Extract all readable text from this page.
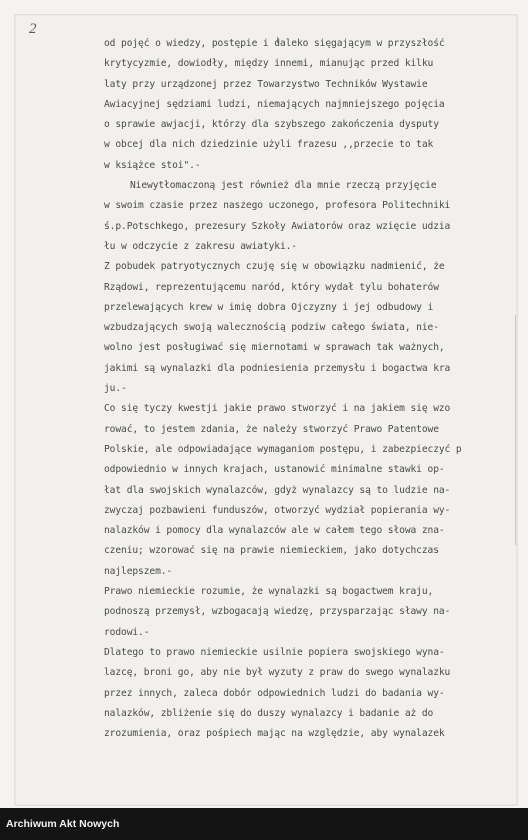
2
od pojęć o wiedzy, postępie i daleko sięgającym w przyszłość
krytycyzmie, dowiodły, między innemi, mianując przed kilku
laty przy urządzonej przez Towarzystwo Techników Wystawie
Awiacyjnej sędziami ludzi, niemających najmniejszego pojęcia
o sprawie awjacji, którzy dla szybszego zakończenia dysputy
w obcej dla nich dziedzinie użyli frazesu ,,przecie to tak
w książce stoi".-
Niewytłomaczoną jest również dla mnie rzeczą przyjęcie
w swoim czasie przez naszego uczonego, profesora Politechniki
ś.p.Potschkego, prezesury Szkoły Awiatorów oraz wzięcie udzia
łu w odczycie z zakresu awiatyki.-
Z pobudek patryotycznych czuję się w obowiązku nadmienić, że
Rządowi, reprezentującemu naród, który wydał tylu bohaterów
przelewających krew w imię dobra Ojczyzny i jej odbudowy i
wzbudzających swoją walecznością podziw całego świata, nie-
wolno jest posługiwać się miernotami w sprawach tak ważnych,
jakimi są wynalazki dla podniesienia przemysłu i bogactwa kra
ju.-
Co się tyczy kwestji jakie prawo stworzyć i na jakiem się wzo
rować, to jestem zdania, że należy stworzyć Prawo Patentowe
Polskie, ale odpowiadające wymaganiom postępu, i zabezpieczyć p
odpowiednio w innych krajach, ustanowić minimalne stawki op-
łat dla swojskich wynalazców, gdyż wynalazcy są to ludzie na-
zwyczaj pozbawieni funduszów, otworzyć wydział popierania wy-
nalazków i pomocy dla wynalazców ale w całem tego słowa zna-
czeniu; wzorować się na prawie niemieckiem, jako dotychczas
najlepszem.-
Prawo niemieckie rozumie, że wynalazki są bogactwem kraju,
podnoszą przemysł, wzbogacają wiedzę, przysparzając sławy na-
rodowi.-
Dlatego to prawo niemieckie usilnie popiera swojskiego wyna-
lazcę, broni go, aby nie był wyzuty z praw do swego wynalazku
przez innych, zaleca dobór odpowiednich ludzi do badania wy-
nalazków, zbliżenie się do duszy wynalazcy i badanie aż do
zrozumienia, oraz pośpiech mając na względzie, aby wynalazek
Archiwum Akt Nowych
